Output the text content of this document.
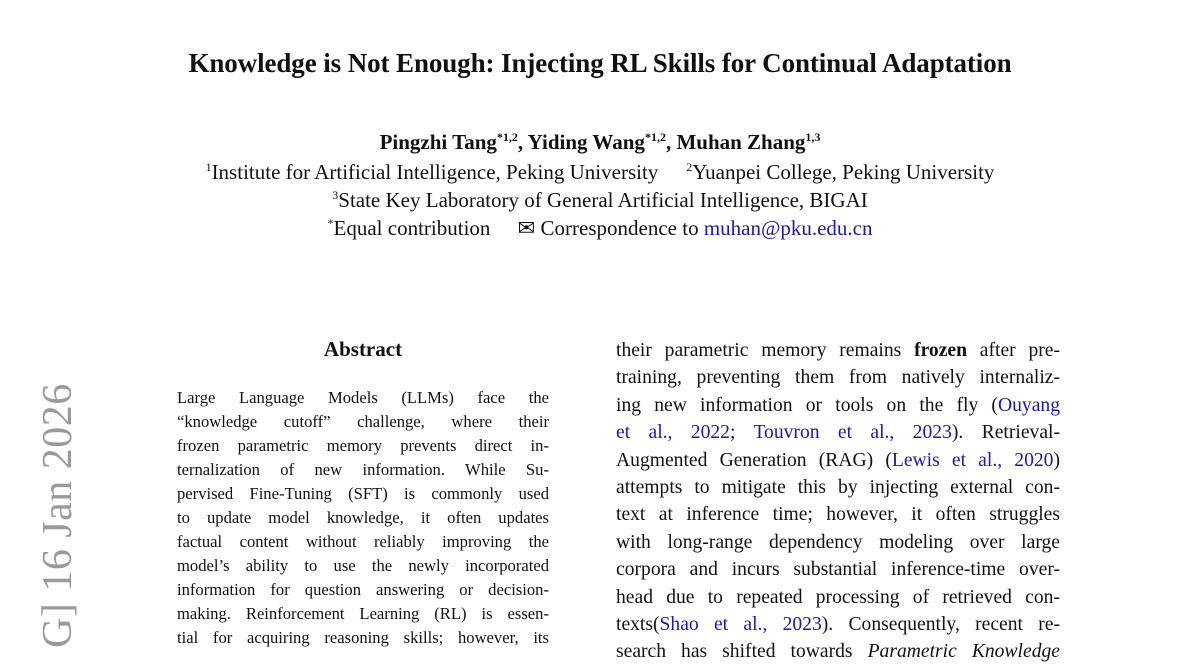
Knowledge is Not Enough: Injecting RL Skills for Continual Adaptation
Pingzhi Tang$^{*1,2}$, Yiding Wang$^{*1,2}$, Muhan Zhang$^{1,3}$
$^1$Institute for Artificial Intelligence, Peking University $^2$Yuanpei College, Peking University
$^3$State Key Laboratory of General Artificial Intelligence, BIGAI
*Equal contribution ✉ Correspondence to muhan@pku.edu.cn
G] 16 Jan 2026
Abstract
Large Language Models (LLMs) face the
“knowledge cutoff” challenge, where their
frozen parametric memory prevents direct in-
ternalization of new information. While Su-
pervised Fine-Tuning (SFT) is commonly used
to update model knowledge, it often updates
factual content without reliably improving the
model’s ability to use the newly incorporated
information for question answering or decision-
making. Reinforcement Learning (RL) is essen-
tial for acquiring reasoning skills; however, its
their parametric memory remains frozen after pre-
training, preventing them from natively internaliz-
ing new information or tools on the fly (Ouyang
et al., 2022; Touvron et al., 2023). Retrieval-
Augmented Generation (RAG) (Lewis et al., 2020)
attempts to mitigate this by injecting external con-
text at inference time; however, it often struggles
with long-range dependency modeling over large
corpora and incurs substantial inference-time over-
head due to repeated processing of retrieved con-
texts(Shao et al., 2023). Consequently, recent re-
search has shifted towards Parametric Knowledge
